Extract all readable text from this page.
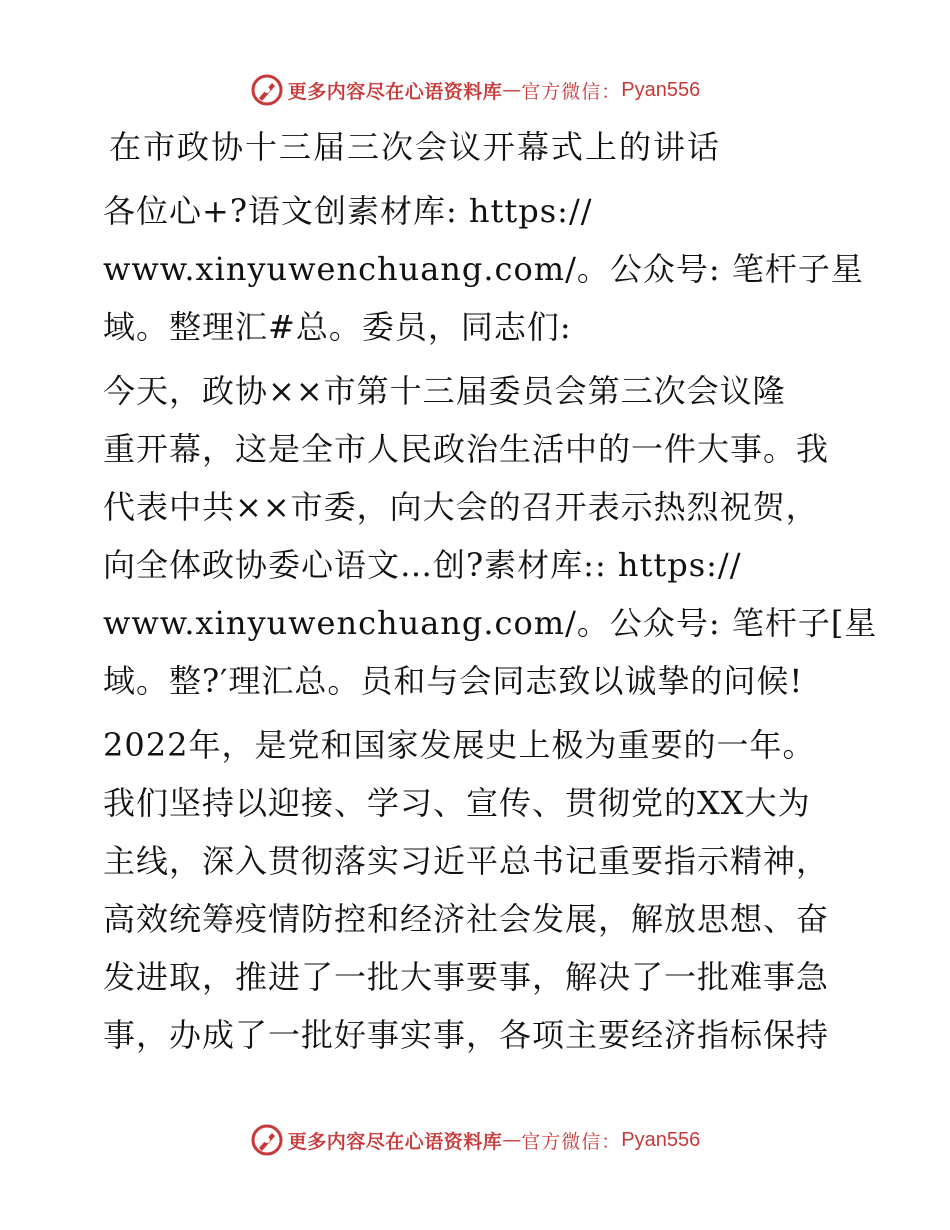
更多内容尽在心语资料库 — 官方微信： Pyan556
在市政协十三届三次会议开幕式上的讲话
各位心+?语文创素材库: https://
www.xinyuwenchuang.com/。公众号: 笔杆子星
域。整理汇#总。委员，同志们:
今天，政协××市第十三届委员会第三次会议隆
重开幕，这是全市人民政治生活中的一件大事。我
代表中共××市委，向大会的召开表示热烈祝贺，
向全体政协委心语文…创?素材库:: https://
www.xinyuwenchuang.com/。公众号: 笔杆子[星
域。整?′理汇总。员和与会同志致以诚挚的问候!
2022年，是党和国家发展史上极为重要的一年。
我们坚持以迎接、学习、宣传、贯彻党的XX大为
主线，深入贯彻落实习近平总书记重要指示精神，
高效统筹疫情防控和经济社会发展，解放思想、奋
发进取，推进了一批大事要事，解决了一批难事急
事，办成了一批好事实事，各项主要经济指标保持
更多内容尽在心语资料库 — 官方微信： Pyan556
